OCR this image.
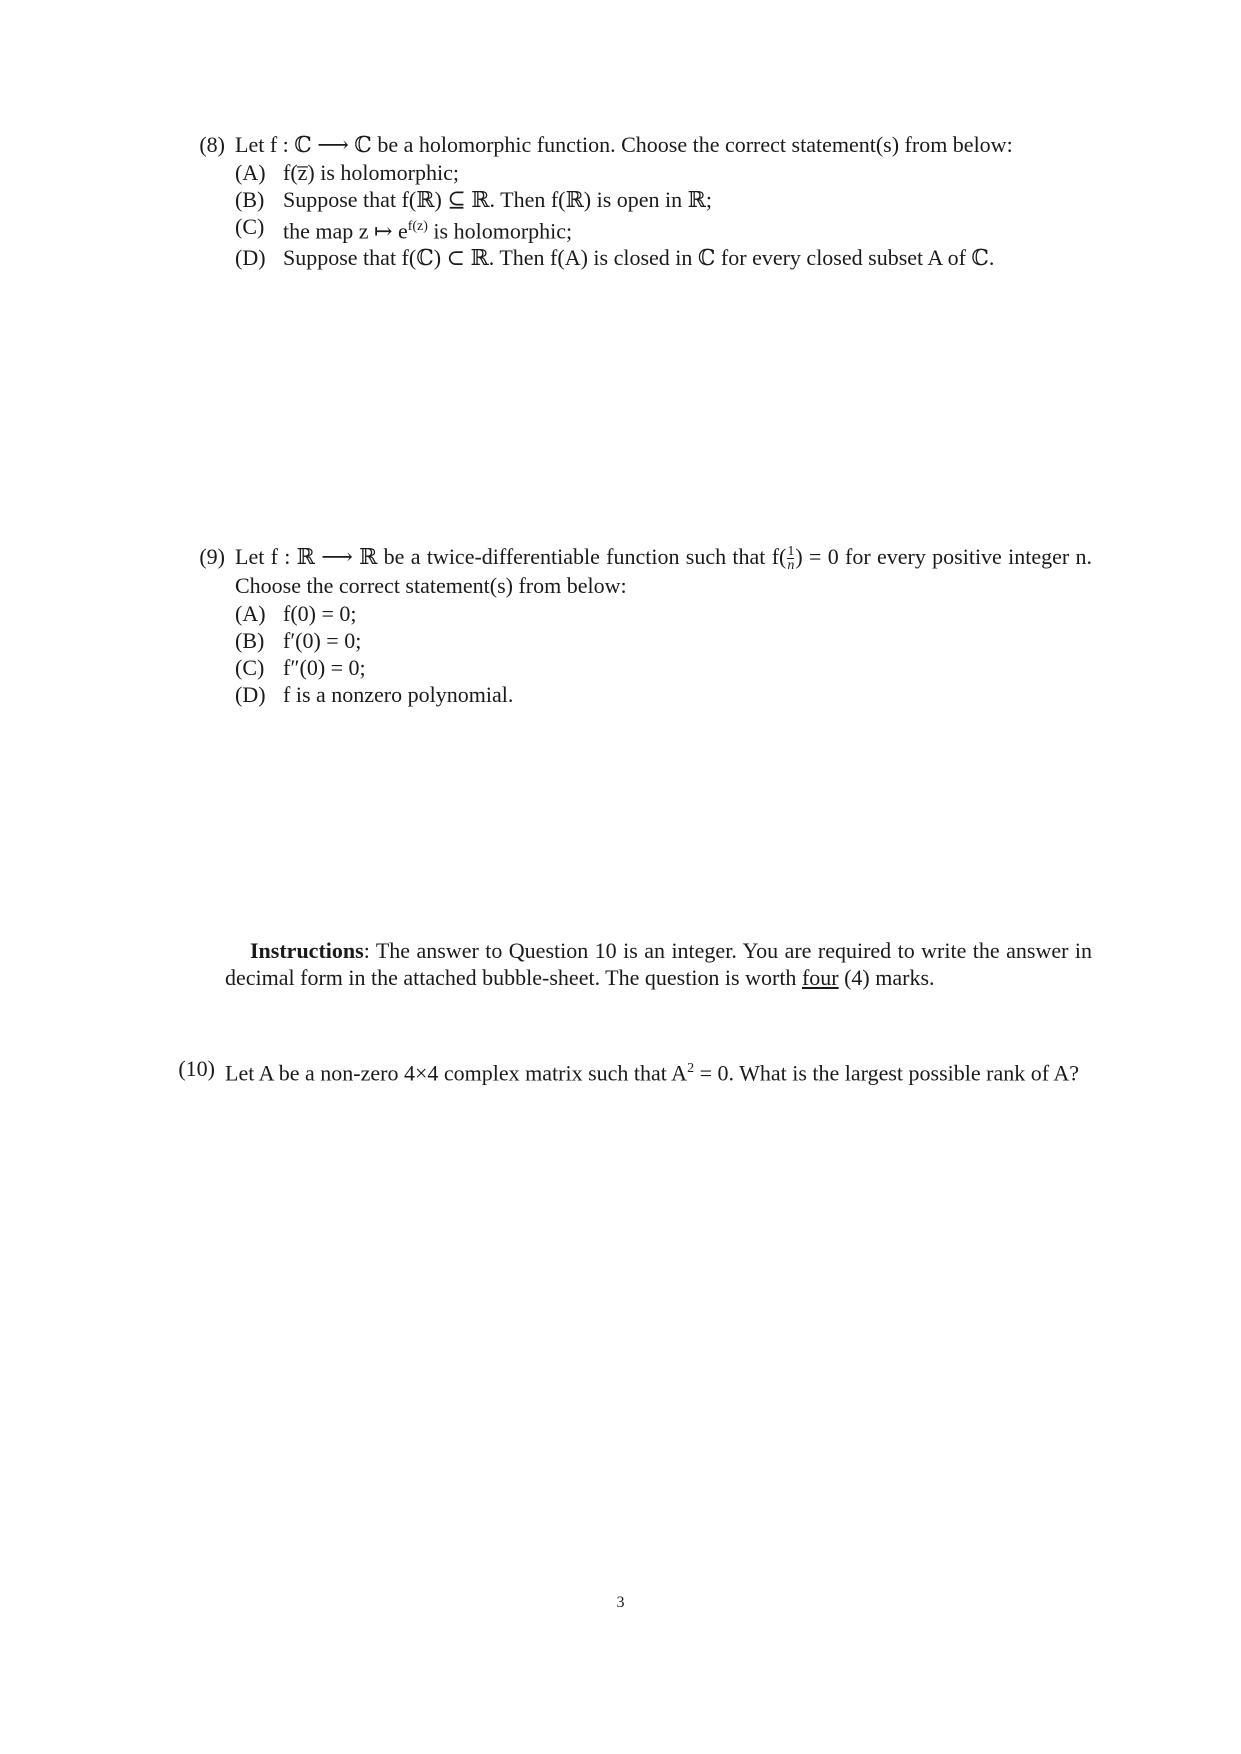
(8) Let f : ℂ ⟶ ℂ be a holomorphic function. Choose the correct statement(s) from below:
(A) f(z̅) is holomorphic;
(B) Suppose that f(ℝ) ⊆ ℝ. Then f(ℝ) is open in ℝ;
(C) the map z ↦ $e^{f(z)}$ is holomorphic;
(D) Suppose that f(ℂ) ⊂ ℝ. Then f(A) is closed in ℂ for every closed subset A of ℂ.
(9) Let f : ℝ ⟶ ℝ be a twice-differentiable function such that $f( \frac{1}{n}$ ) = 0 for every positive integer n. Choose the correct statement(s) from below:
(A) f(0) = 0;
(B) f′(0) = 0;
(C) f″(0) = 0;
(D) f is a nonzero polynomial.
Instructions: The answer to Question 10 is an integer. You are required to write the answer in decimal form in the attached bubble-sheet. The question is worth four (4) marks.
(10) Let A be a non-zero 4×4 complex matrix such that $A^2 = 0$. What is the largest possible rank of A?
3
